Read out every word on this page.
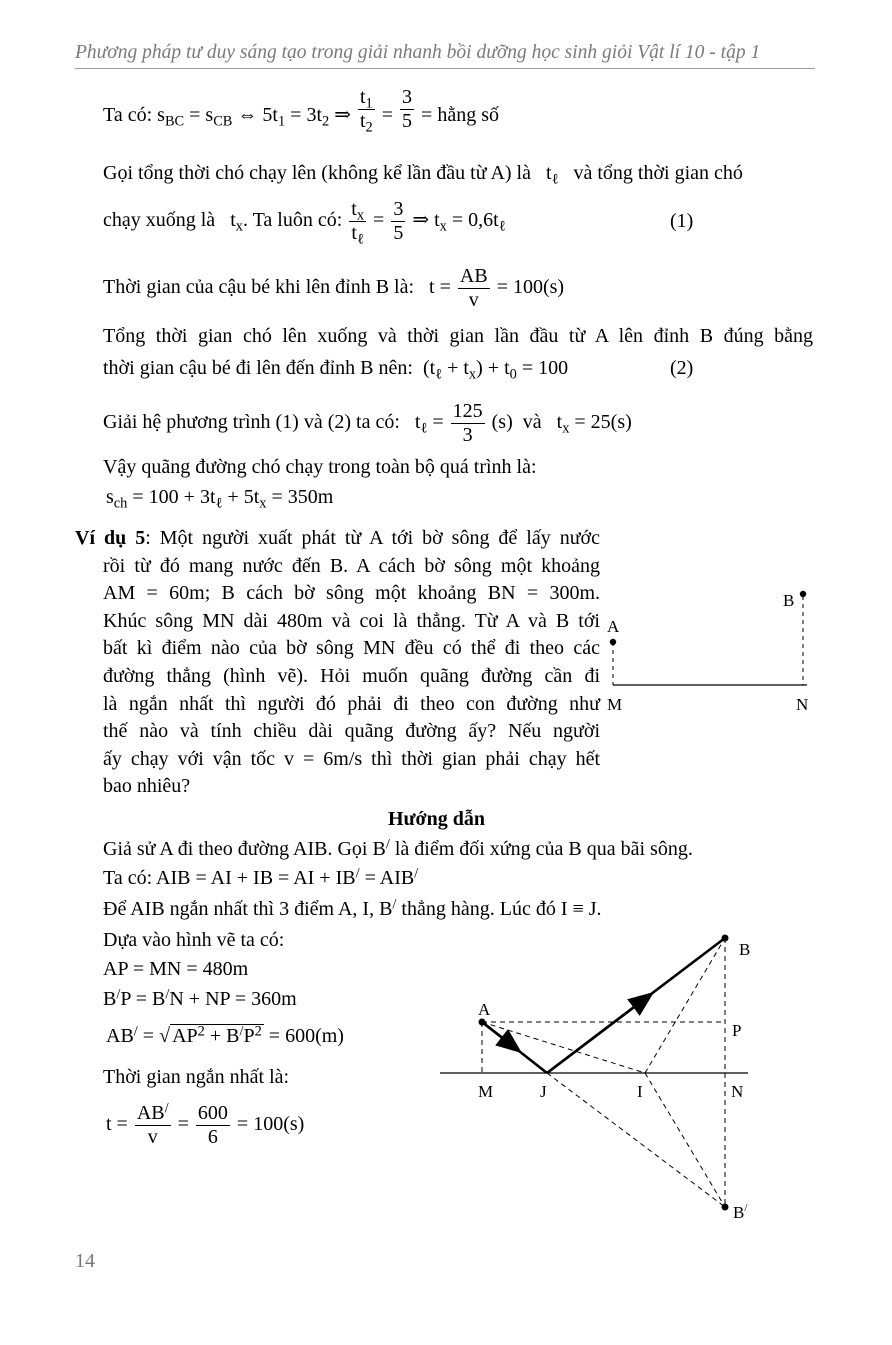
Phương pháp tư duy sáng tạo trong giải nhanh bồi dưỡng học sinh giỏi Vật lí 10 - tập 1
Ta có: $s_{BC} = s_{CB}$ ⇔ $5t_1 = 3t_2$ ⇒ $\frac{t_1}{t_2} = \frac{3}{5}$ = hằng số
Gọi tổng thời chó chạy lên (không kể lần đầu từ A) là   $t_\ell$ và tổng thời gian chó
chạy xuống là   $t_x$. Ta luôn có: $\frac{t_x}{t_\ell} = \frac{3}{5}$ ⇒ $t_x = 0,6t_\ell$	(1)
Thời gian của cậu bé khi lên đỉnh B là:   $t = \frac{AB}{v} = 100(s)$
Tổng thời gian chó lên xuống và thời gian lần đầu từ A lên đỉnh B đúng bằng
thời gian cậu bé đi lên đến đỉnh B nên:  $(t_\ell + t_x) + t_0 = 100$	(2)
Giải hệ phương trình (1) và (2) ta có:   $t_\ell = \frac{125}{3} (s)$  và   $t_x = 25(s)$
Vậy quãng đường chó chạy trong toàn bộ quá trình là:
$s_{ch} = 100 + 3t_\ell + 5t_x = 350m$
Ví dụ 5: Một người xuất phát từ A tới bờ sông để lấy nước
rồi từ đó mang nước đến B. A cách bờ sông một khoảng
AM = 60m; B cách bờ sông một khoảng BN = 300m.
Khúc sông MN dài 480m và coi là thẳng. Từ A và B tới
bất kì điểm nào của bờ sông MN đều có thể đi theo các
đường thẳng (hình vẽ). Hỏi muốn quãng đường cần đi
là ngắn nhất thì người đó phải đi theo con đường như
thế nào và tính chiều dài quãng đường ấy? Nếu người
ấy chạy với vận tốc v = 6m/s thì thời gian phải chạy hết
bao nhiêu?
A
B
M	N
Hướng dẫn
Giả sử A đi theo đường AIB. Gọi B/ là điểm đối xứng của B qua bãi sông.
Ta có: AIB = AI + IB = AI + IB/ = AIB/
Để AIB ngắn nhất thì 3 điểm A, I, B/ thẳng hàng. Lúc đó I ≡ J.
Dựa vào hình vẽ ta có:
AP = MN = 480m
B/P = B/N + NP = 360m
AB/ = √ $AP^2 + B^/P^2 = 600(m)$
Thời gian ngắn nhất là:
$t = \frac{AB^/}{v} = \frac{600}{6} = 100(s)$
A
B
P
M	J	I	N
B/
14
